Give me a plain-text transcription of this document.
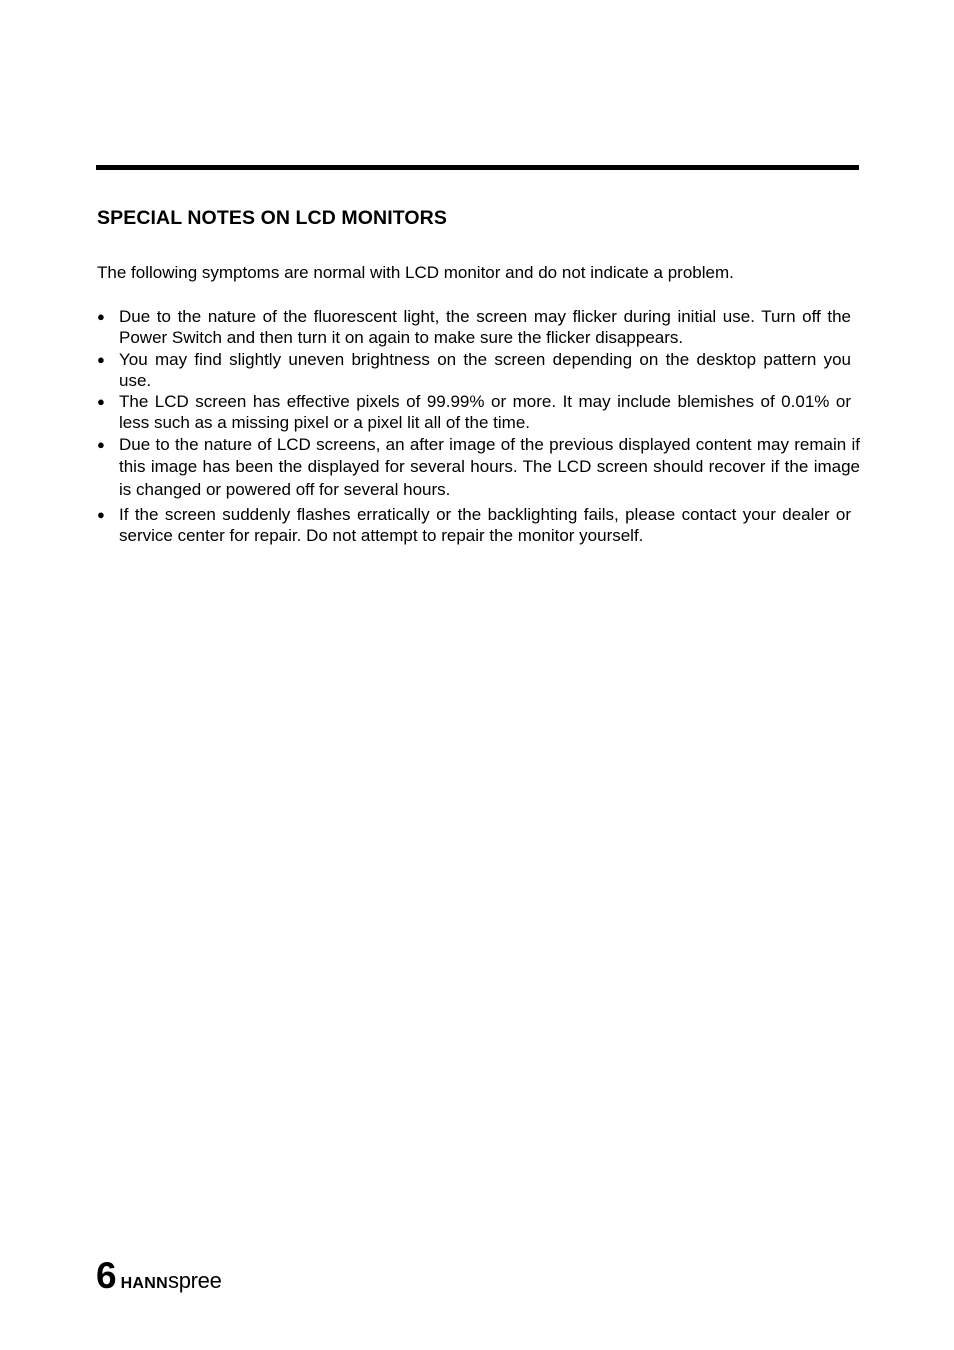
SPECIAL NOTES ON LCD MONITORS
The following symptoms are normal with LCD monitor and do not indicate a problem.
● Due to the nature of the fluorescent light, the screen may flicker during initial use. Turn off the Power Switch and then turn it on again to make sure the flicker disappears.
● You may find slightly uneven brightness on the screen depending on the desktop pattern you use.
● The LCD screen has effective pixels of 99.99% or more. It may include blemishes of 0.01% or less such as a missing pixel or a pixel lit all of the time.
● Due to the nature of LCD screens, an after image of the previous displayed content may remain if this image has been the displayed for several hours. The LCD screen should recover if the image is changed or powered off for several hours.
● If the screen suddenly flashes erratically or the backlighting fails, please contact your dealer or service center for repair. Do not attempt to repair the monitor yourself.
6 HANNspree
